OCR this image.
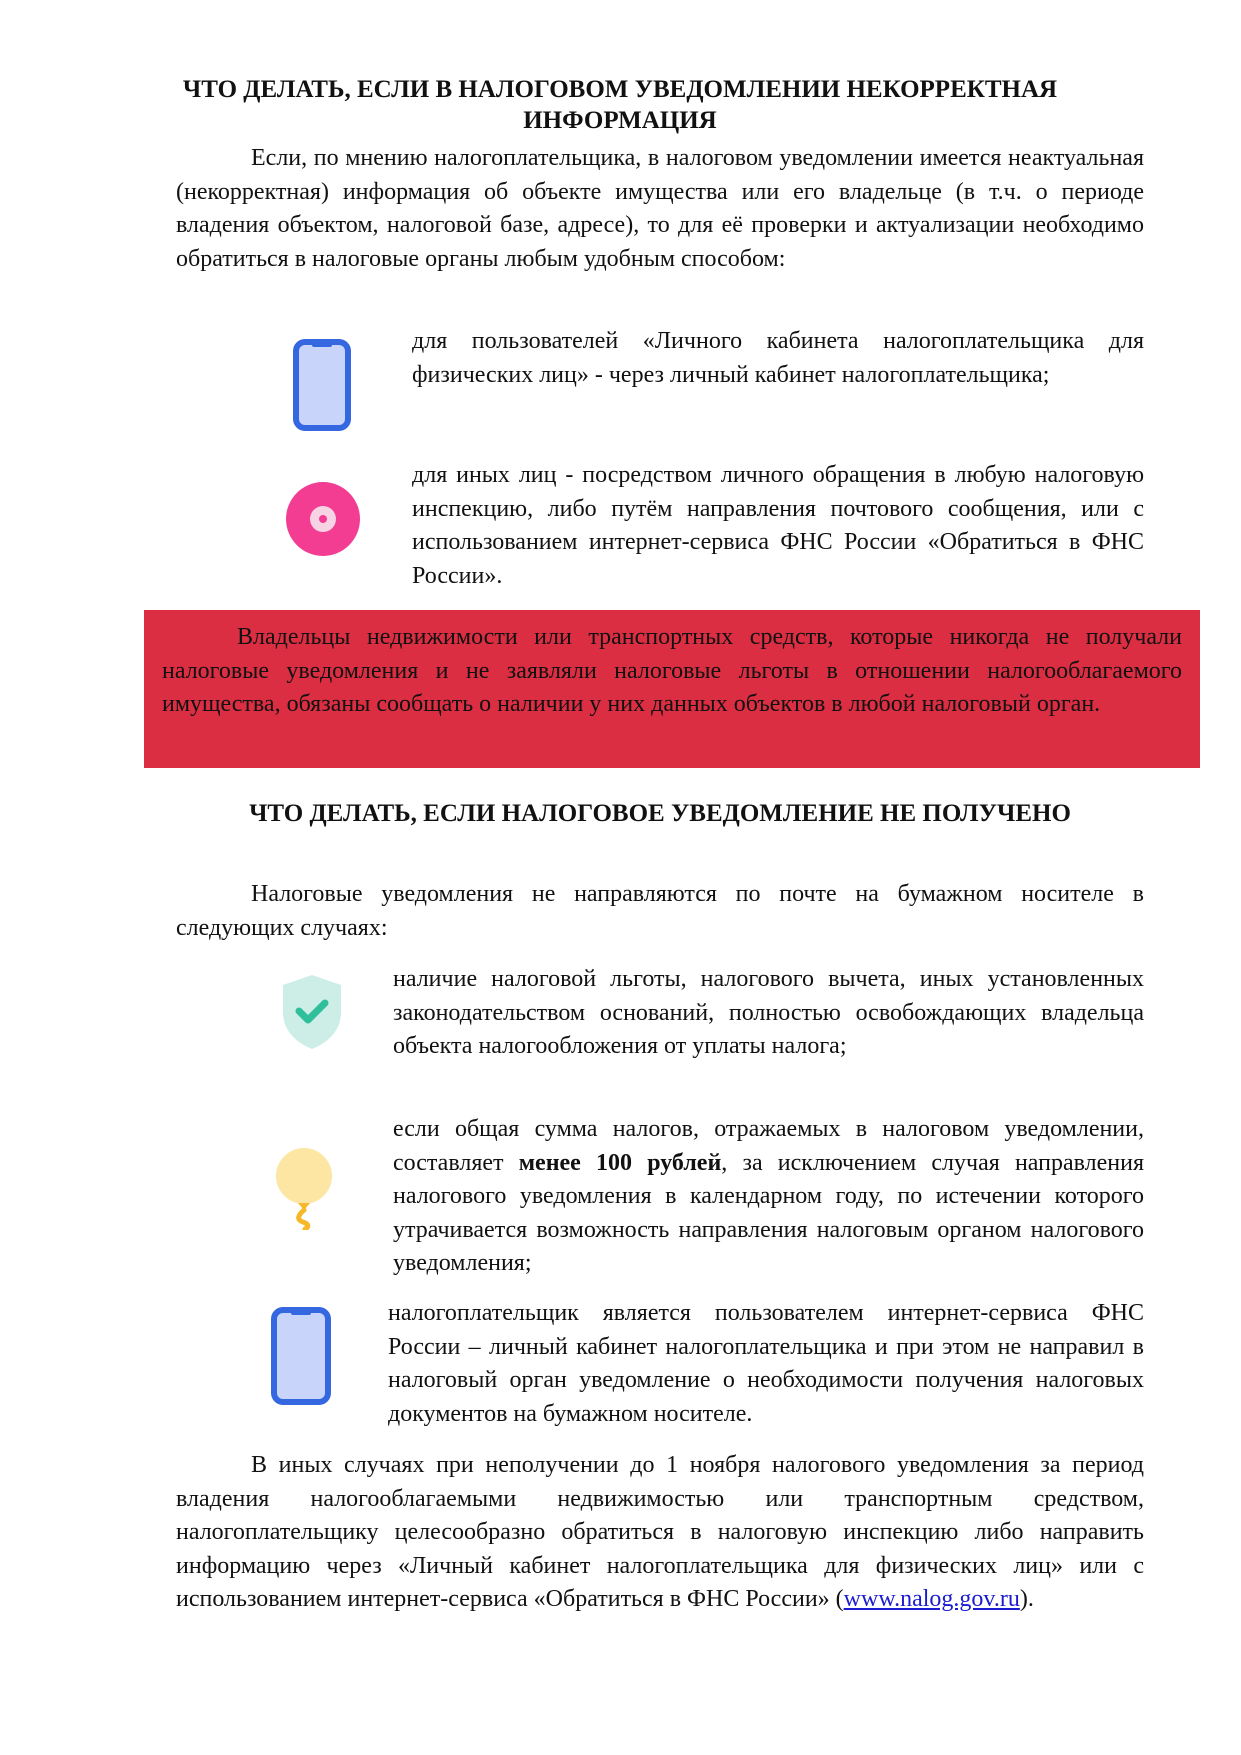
ЧТО ДЕЛАТЬ, ЕСЛИ В НАЛОГОВОМ УВЕДОМЛЕНИИ НЕКОРРЕКТНАЯ

ИНФОРМАЦИЯ

Если, по мнению налогоплательщика, в налоговом уведомлении имеется неактуальная (некорректная) информация об объекте имущества или его владельце (в т.ч. о периоде владения объектом, налоговой базе, адресе), то для её проверки и актуализации необходимо обратиться в налоговые органы любым удобным способом:

для пользователей «Личного кабинета налогоплательщика для физических лиц» - через личный кабинет налогоплательщика;

для иных лиц - посредством личного обращения в любую налоговую инспекцию, либо путём направления почтового сообщения, или с использованием интернет-сервиса ФНС России «Обратиться в ФНС России».

Владельцы недвижимости или транспортных средств, которые никогда не получали налоговые уведомления и не заявляли налоговые льготы в отношении налогооблагаемого имущества, обязаны сообщать о наличии у них данных объектов в любой налоговый орган.

ЧТО ДЕЛАТЬ, ЕСЛИ НАЛОГОВОЕ УВЕДОМЛЕНИЕ НЕ ПОЛУЧЕНО

Налоговые уведомления не направляются по почте на бумажном носителе в следующих случаях:

наличие налоговой льготы, налогового вычета, иных установленных законодательством оснований, полностью освобождающих владельца объекта налогообложения от уплаты налога;

если общая сумма налогов, отражаемых в налоговом уведомлении, составляет менее 100 рублей, за исключением случая направления налогового уведомления в календарном году, по истечении которого утрачивается возможность направления налоговым органом налогового уведомления;

налогоплательщик является пользователем интернет-сервиса ФНС России – личный кабинет налогоплательщика и при этом не направил в налоговый орган уведомление о необходимости получения налоговых документов на бумажном носителе.

В иных случаях при неполучении до 1 ноября налогового уведомления за период владения налогооблагаемыми недвижимостью или транспортным средством, налогоплательщику целесообразно обратиться в налоговую инспекцию либо направить информацию через «Личный кабинет налогоплательщика для физических лиц» или с использованием интернет-сервиса «Обратиться в ФНС России» (www.nalog.gov.ru).
